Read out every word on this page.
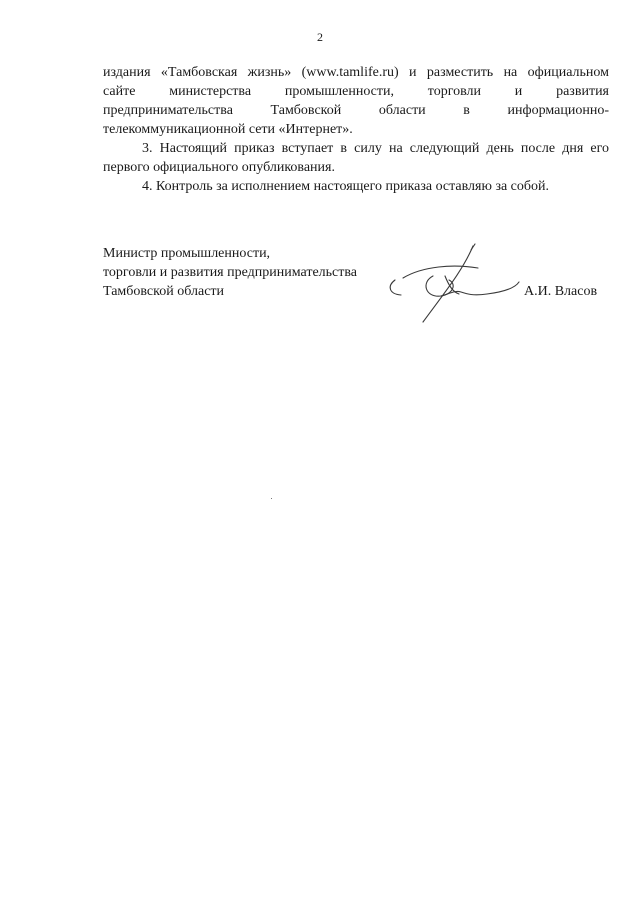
2

издания «Тамбовская жизнь» (www.tamlife.ru) и разместить на официальном
сайте министерства промышленности, торговли и развития
предпринимательства Тамбовской области в информационно-
телекоммуникационной сети «Интернет».

3. Настоящий приказ вступает в силу на следующий день после дня его первого официального опубликования.

4. Контроль за исполнением настоящего приказа оставляю за собой.

Министр промышленности,
торговли и развития предпринимательства
Тамбовской области	А.И. Власов
